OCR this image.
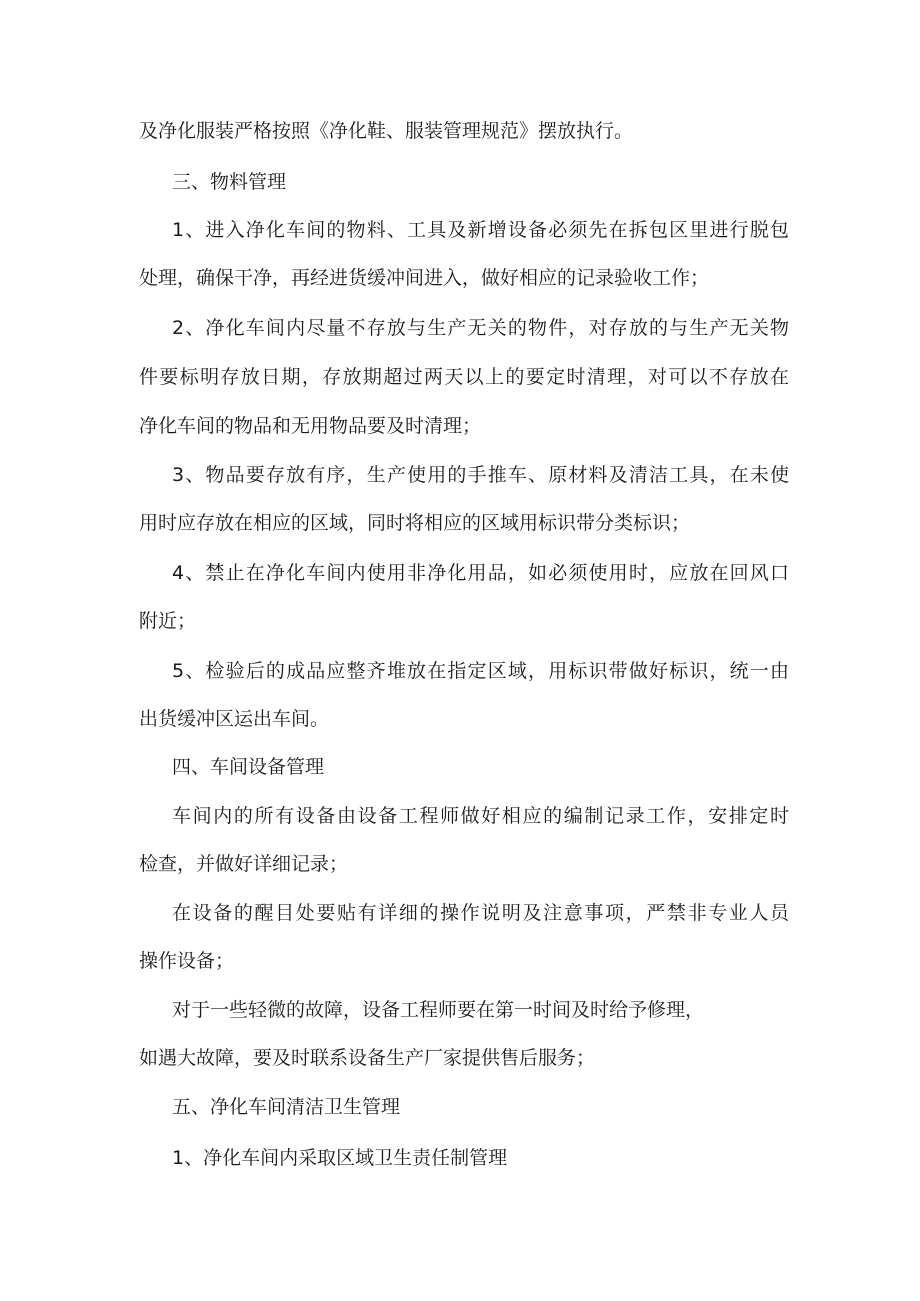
及净化服装严格按照《净化鞋、服装管理规范》摆放执行。
三、物料管理
1、进入净化车间的物料、工具及新增设备必须先在拆包区里进行脱包
处理，确保干净，再经进货缓冲间进入，做好相应的记录验收工作；
2、净化车间内尽量不存放与生产无关的物件，对存放的与生产无关物
件要标明存放日期，存放期超过两天以上的要定时清理，对可以不存放在
净化车间的物品和无用物品要及时清理；
3、物品要存放有序，生产使用的手推车、原材料及清洁工具，在未使
用时应存放在相应的区域，同时将相应的区域用标识带分类标识；
4、禁止在净化车间内使用非净化用品，如必须使用时，应放在回风口
附近；
5、检验后的成品应整齐堆放在指定区域，用标识带做好标识，统一由
出货缓冲区运出车间。
四、车间设备管理
车间内的所有设备由设备工程师做好相应的编制记录工作，安排定时
检查，并做好详细记录；
在设备的醒目处要贴有详细的操作说明及注意事项，严禁非专业人员
操作设备；
对于一些轻微的故障，设备工程师要在第一时间及时给予修理，
如遇大故障，要及时联系设备生产厂家提供售后服务；
五、净化车间清洁卫生管理
1、净化车间内采取区域卫生责任制管理
